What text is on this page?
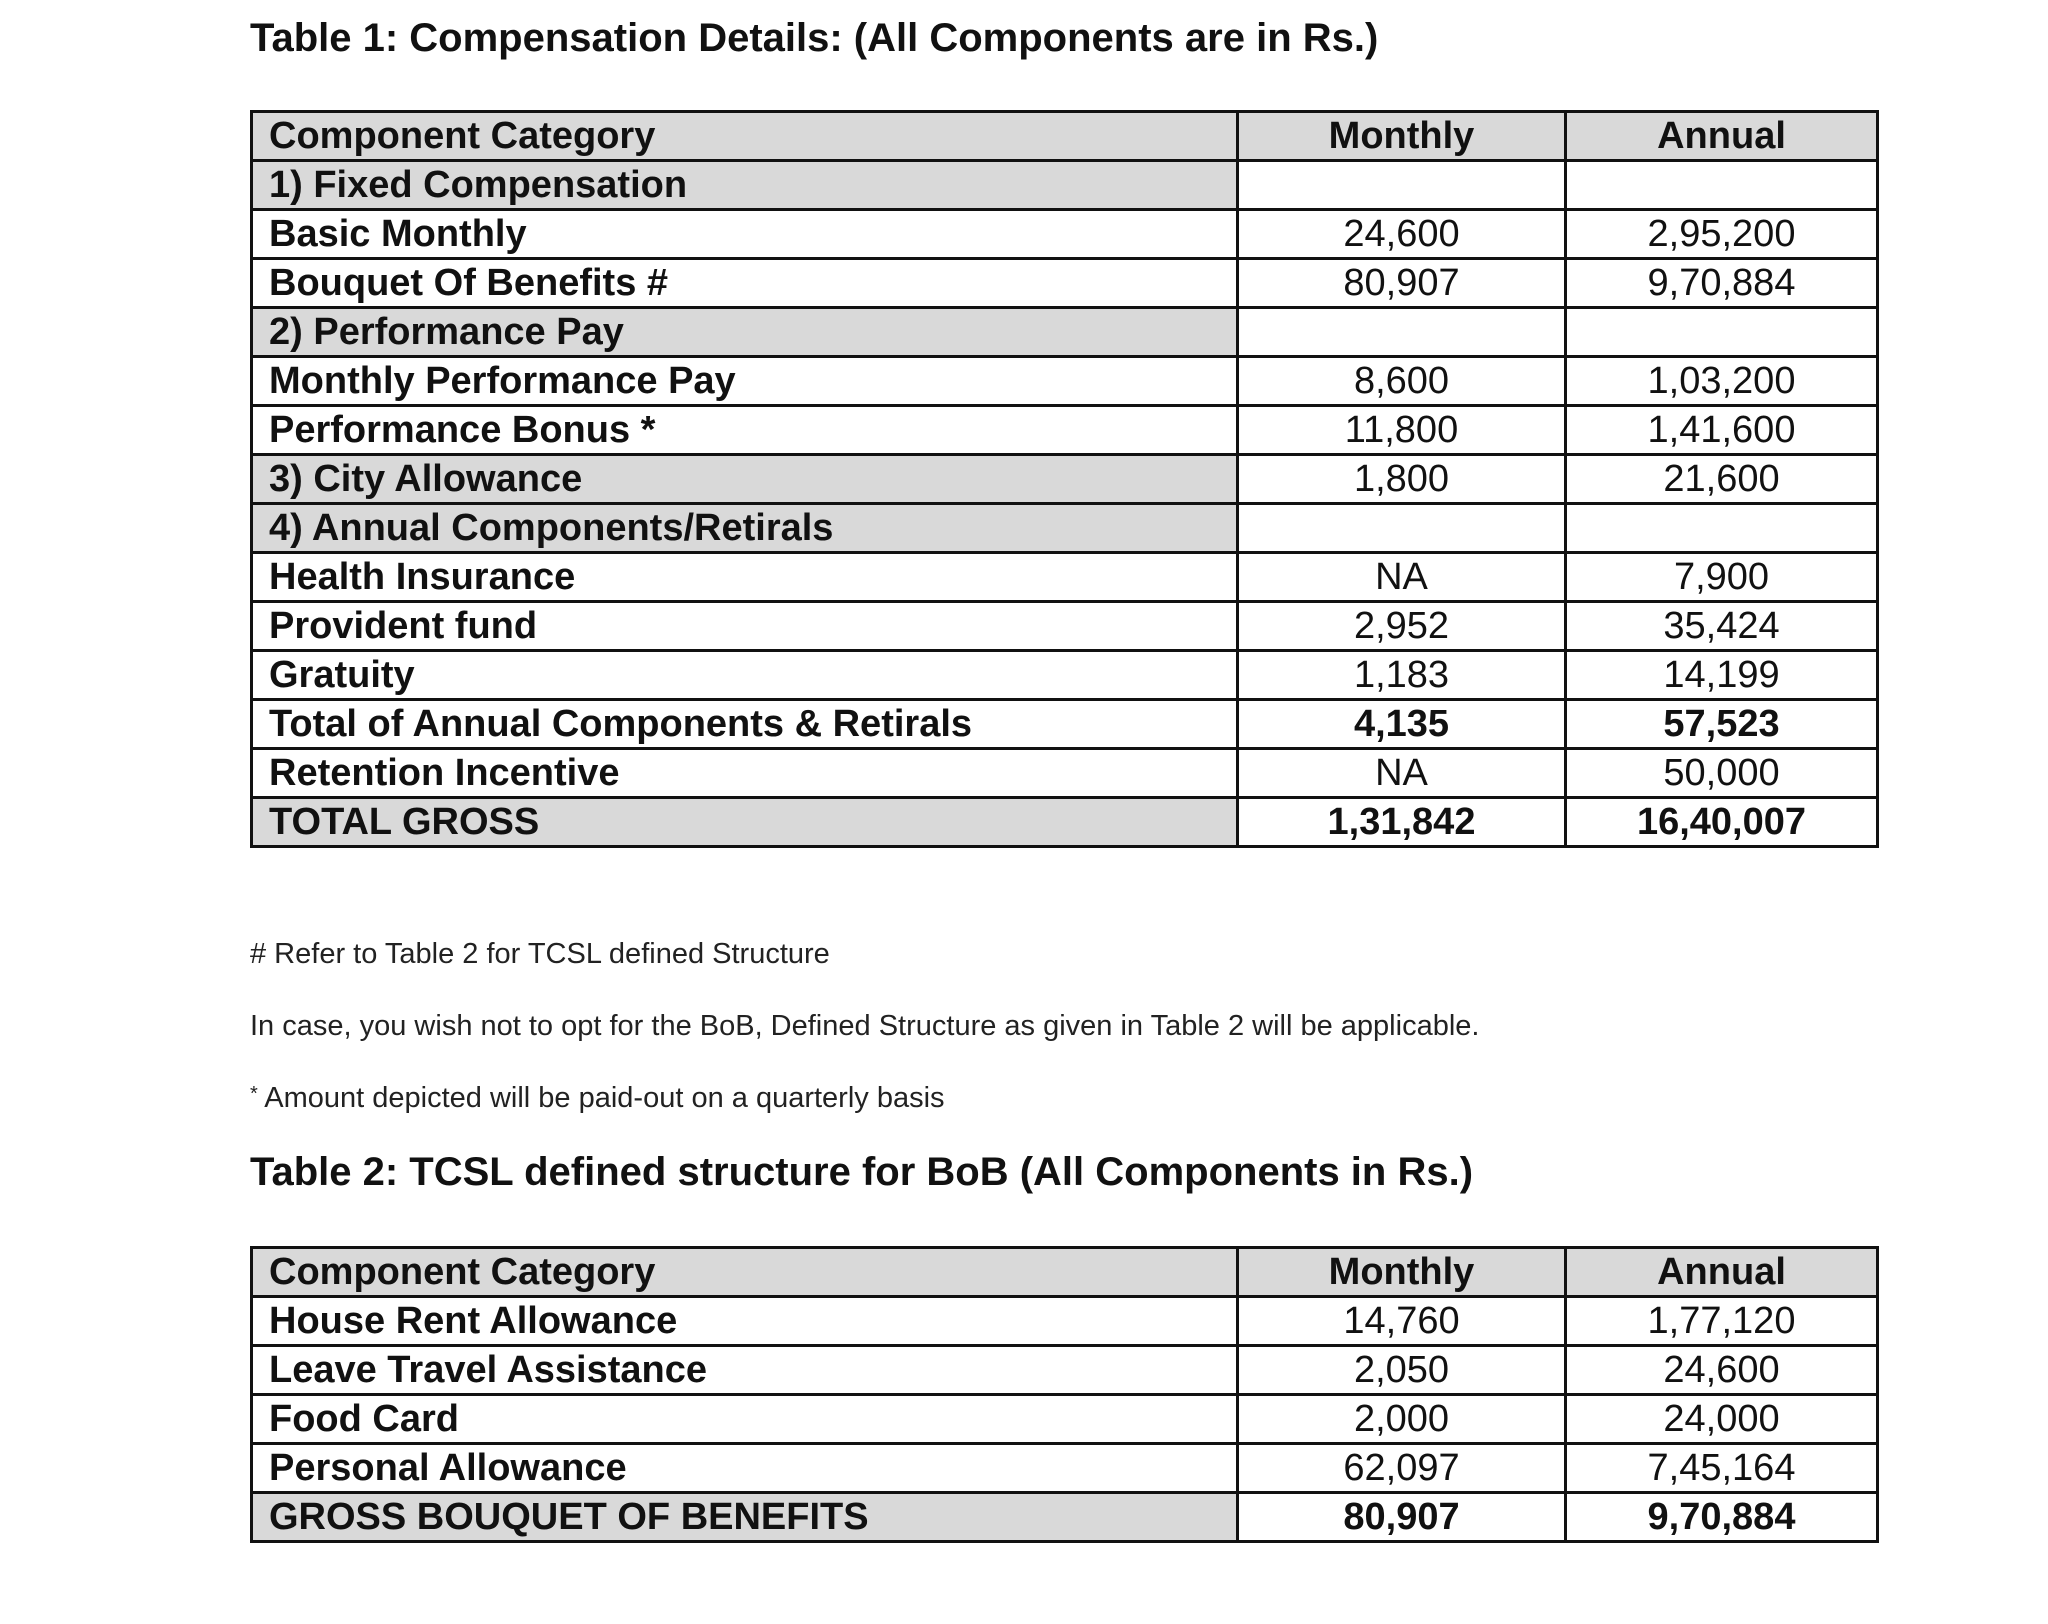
Table 1: Compensation Details: (All Components are in Rs.)

Component Category	Monthly	Annual
1) Fixed Compensation		
Basic Monthly	24,600	2,95,200
Bouquet Of Benefits #	80,907	9,70,884
2) Performance Pay		
Monthly Performance Pay	8,600	1,03,200
Performance Bonus *	11,800	1,41,600
3) City Allowance	1,800	21,600
4) Annual Components/Retirals		
Health Insurance	NA	7,900
Provident fund	2,952	35,424
Gratuity	1,183	14,199
Total of Annual Components & Retirals	4,135	57,523
Retention Incentive	NA	50,000
TOTAL GROSS	1,31,842	16,40,007
# Refer to Table 2 for TCSL defined Structure
In case, you wish not to opt for the BoB, Defined Structure as given in Table 2 will be applicable.
* Amount depicted will be paid-out on a quarterly basis

Table 2: TCSL defined structure for BoB (All Components in Rs.)

Component Category	Monthly	Annual
House Rent Allowance	14,760	1,77,120
Leave Travel Assistance	2,050	24,600
Food Card	2,000	24,000
Personal Allowance	62,097	7,45,164
GROSS BOUQUET OF BENEFITS	80,907	9,70,884
